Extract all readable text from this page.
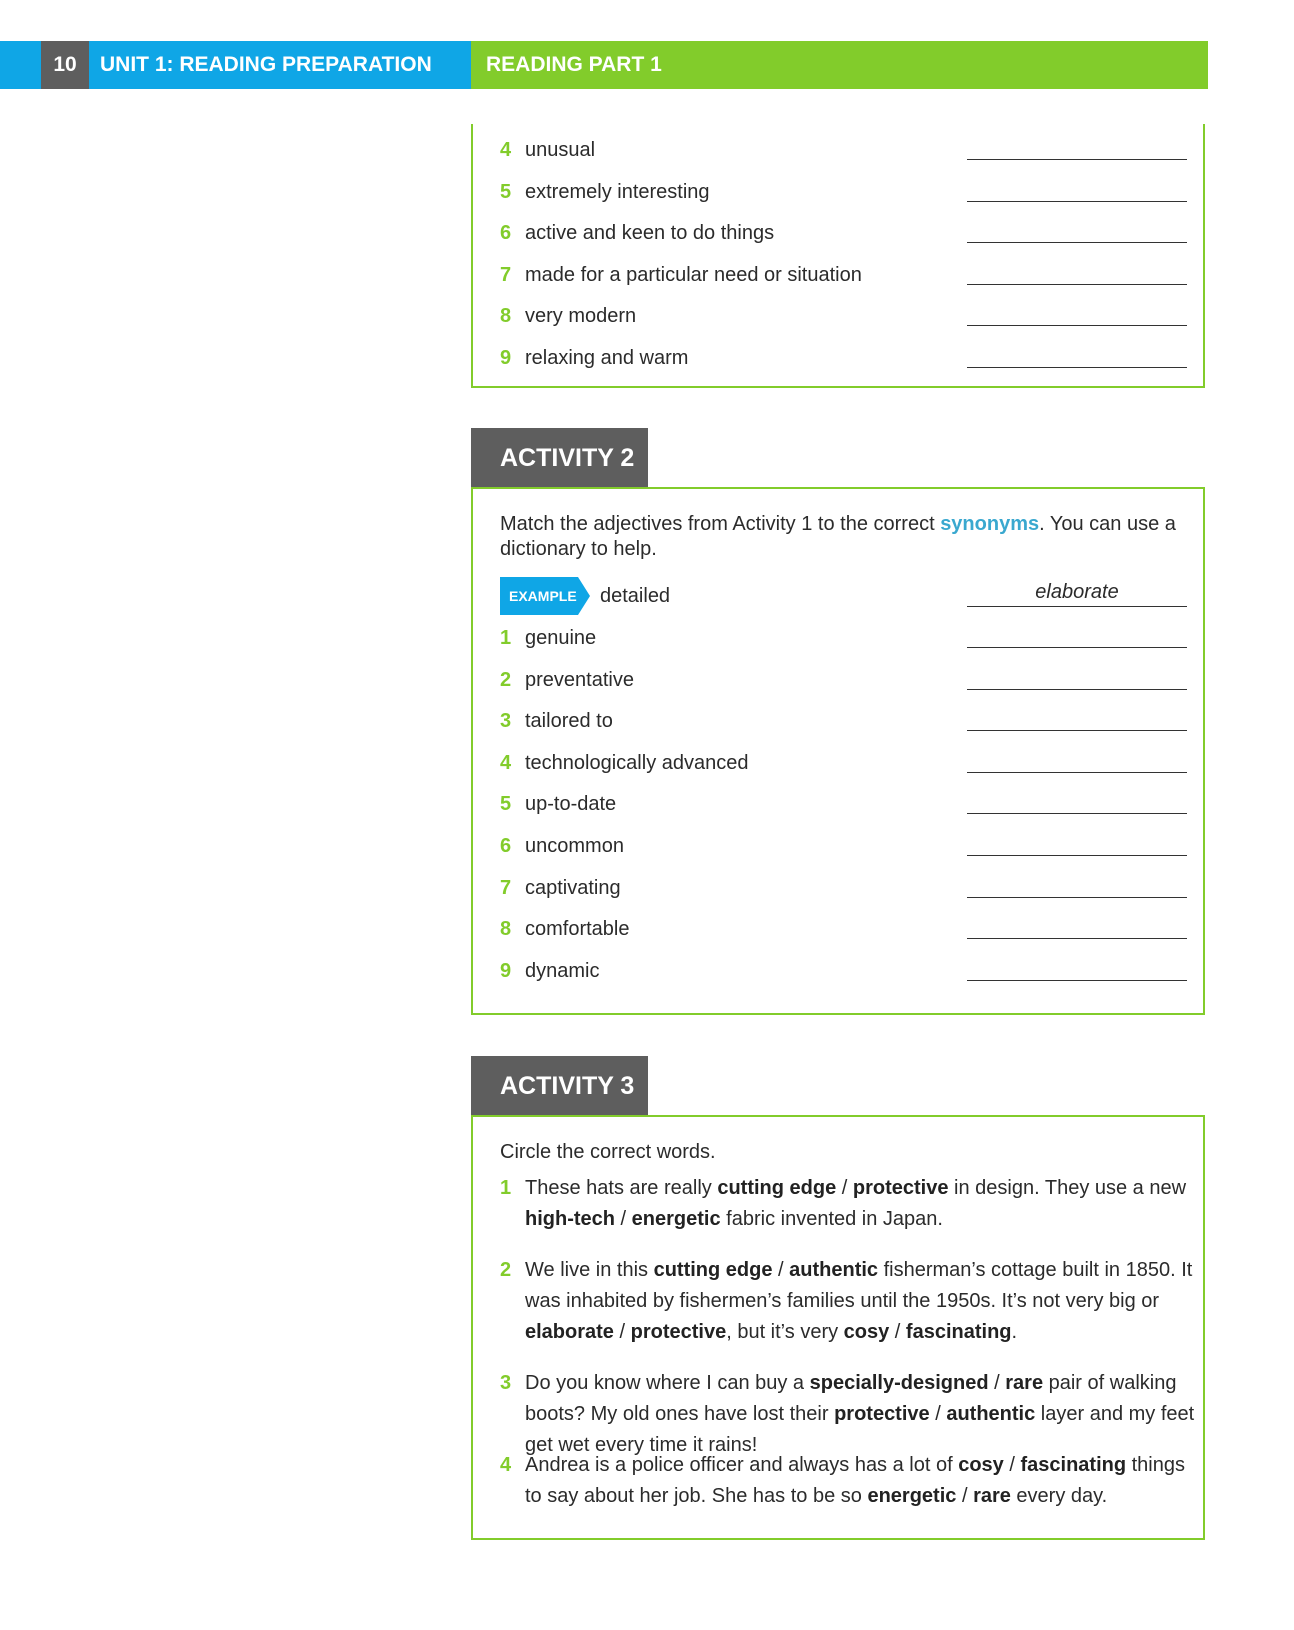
10	UNIT 1: READING PREPARATION	READING PART 1
4 unusual
5 extremely interesting
6 active and keen to do things
7 made for a particular need or situation
8 very modern
9 relaxing and warm
ACTIVITY 2
Match the adjectives from Activity 1 to the correct synonyms. You can use a dictionary to help.
EXAMPLE detailed	elaborate
1 genuine
2 preventative
3 tailored to
4 technologically advanced
5 up-to-date
6 uncommon
7 captivating
8 comfortable
9 dynamic
ACTIVITY 3
Circle the correct words.
1 These hats are really cutting edge / protective in design. They use a new high-tech / energetic fabric invented in Japan.
2 We live in this cutting edge / authentic fisherman’s cottage built in 1850. It was inhabited by fishermen’s families until the 1950s. It’s not very big or elaborate / protective, but it’s very cosy / fascinating.
3 Do you know where I can buy a specially-designed / rare pair of walking boots? My old ones have lost their protective / authentic layer and my feet get wet every time it rains!
4 Andrea is a police officer and always has a lot of cosy / fascinating things to say about her job. She has to be so energetic / rare every day.
